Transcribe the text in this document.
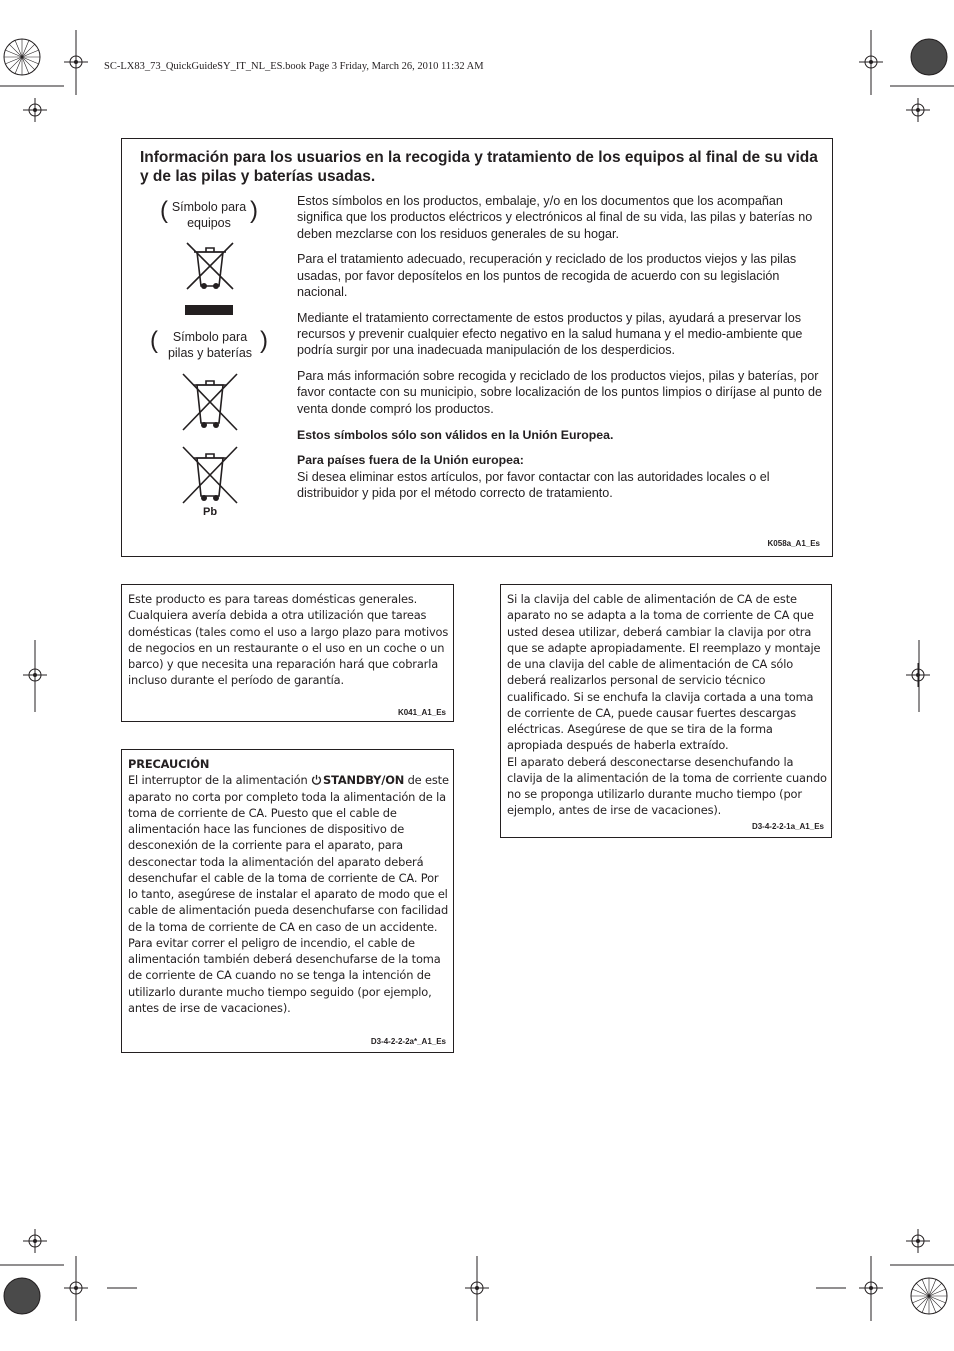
SC-LX83_73_QuickGuideSY_IT_NL_ES.book Page 3 Friday, March 26, 2010 11:32 AM
Información para los usuarios en la recogida y tratamiento de los equipos al final de su vida y de las pilas y baterías usadas.
( Símbolo para equipos )
(	Símbolo para pilas y baterías )
Pb

Estos símbolos en los productos, embalaje, y/o en los documentos que los acompañan significa que los productos eléctricos y electrónicos al final de su vida, las pilas y baterías no deben mezclarse con los residuos generales de su hogar.

Para el tratamiento adecuado, recuperación y reciclado de los productos viejos y las pilas usadas, por favor deposítelos en los puntos de recogida de acuerdo con su legislación nacional.

Mediante el tratamiento correctamente de estos productos y pilas, ayudará a preservar los recursos y prevenir cualquier efecto negativo en la salud humana y el medio-ambiente que podría surgir por una inadecuada manipulación de los desperdicios.

Para más información sobre recogida y reciclado de los productos viejos, pilas y baterías, por favor contacte con su municipio, sobre localización de los puntos limpios o diríjase al punto de venta donde compró los productos.

Estos símbolos sólo son válidos en la Unión Europea.

Para países fuera de la Unión europea:
Si desea eliminar estos artículos, por favor contactar con las autoridades locales o el distribuidor y pida por el método correcto de tratamiento.

K058a_A1_Es

Este producto es para tareas domésticas generales. Cualquiera avería debida a otra utilización que tareas domésticas (tales como el uso a largo plazo para motivos de negocios en un restaurante o el uso en un coche o un barco) y que necesita una reparación hará que cobrarla incluso durante el período de garantía.

K041_A1_Es

PRECAUCIÓN

El interruptor de la alimentación STANDBY/ON de este aparato no corta por completo toda la alimentación de la toma de corriente de CA. Puesto que el cable de alimentación hace las funciones de dispositivo de desconexión de la corriente para el aparato, para desconectar toda la alimentación del aparato deberá desenchufar el cable de la toma de corriente de CA. Por lo tanto, asegúrese de instalar el aparato de modo que el cable de alimentación pueda desenchufarse con facilidad de la toma de corriente de CA en caso de un accidente. Para evitar correr el peligro de incendio, el cable de alimentación también deberá desenchufarse de la toma de corriente de CA cuando no se tenga la intención de utilizarlo durante mucho tiempo seguido (por ejemplo, antes de irse de vacaciones).

D3-4-2-2-2a*_A1_Es

Si la clavija del cable de alimentación de CA de este aparato no se adapta a la toma de corriente de CA que usted desea utilizar, deberá cambiar la clavija por otra que se adapte apropiadamente. El reemplazo y montaje de una clavija del cable de alimentación de CA sólo deberá realizarlos personal de servicio técnico cualificado. Si se enchufa la clavija cortada a una toma de corriente de CA, puede causar fuertes descargas eléctricas. Asegúrese de que se tira de la forma apropiada después de haberla extraído.

El aparato deberá desconectarse desenchufando la clavija de la alimentación de la toma de corriente cuando no se proponga utilizarlo durante mucho tiempo (por ejemplo, antes de irse de vacaciones).

D3-4-2-2-1a_A1_Es
